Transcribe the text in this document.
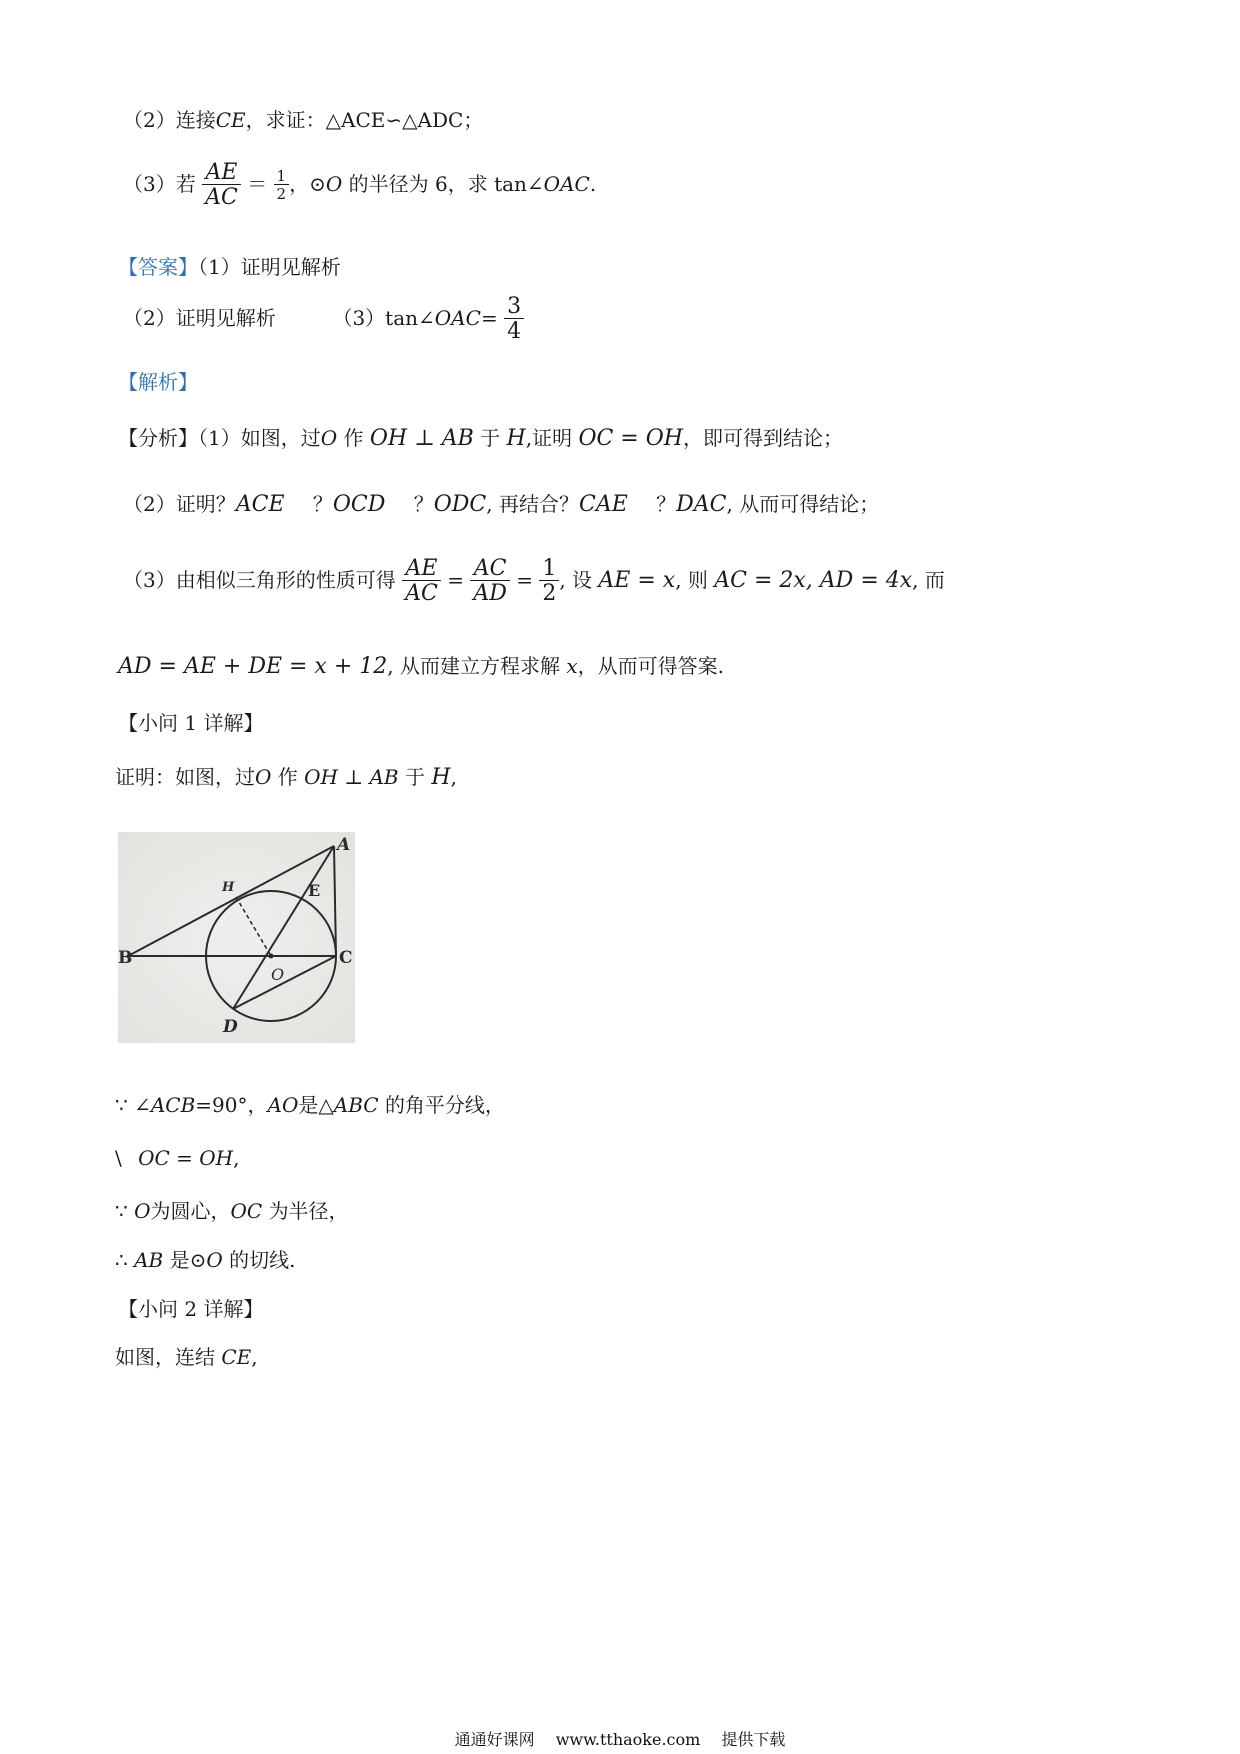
（2）连接CE，求证：△ACE∽△ADC；
（3）若 $\frac{AE}{AC} = \frac{1}{2}$ ，⊙O 的半径为 6，求 tan∠OAC.
【答案】（1）证明见解析
（2）证明见解析	（3）tan∠OAC= $\frac{3}{4}$
【解析】
【分析】（1）如图，过O 作 OH ⊥ AB 于 H,证明 OC = OH，即可得到结论；
（2）证明？ACE ？OCD ？ODC, 再结合？CAE ？DAC, 从而可得结论；
（3）由相似三角形的性质可得 $\frac{AE}{AC} = \frac{AC}{AD} = \frac{1}{2}$ , 设 AE = x, 则 AC = 2x, AD = 4x, 而
AD = AE + DE = x + 12, 从而建立方程求解 x，从而可得答案.
【小问 1 详解】
证明：如图，过O 作 OH ⊥ AB 于 H,
A
B	C
D
E
H
O
∵ ∠ACB=90°，AO是△ABC 的角平分线，
\ OC = OH,
∵ O为圆心，OC 为半径，
∴ AB 是⊙O 的切线.
【小问 2 详解】
如图，连结 CE,
通通好课网 www.tthaoke.com 提供下载
